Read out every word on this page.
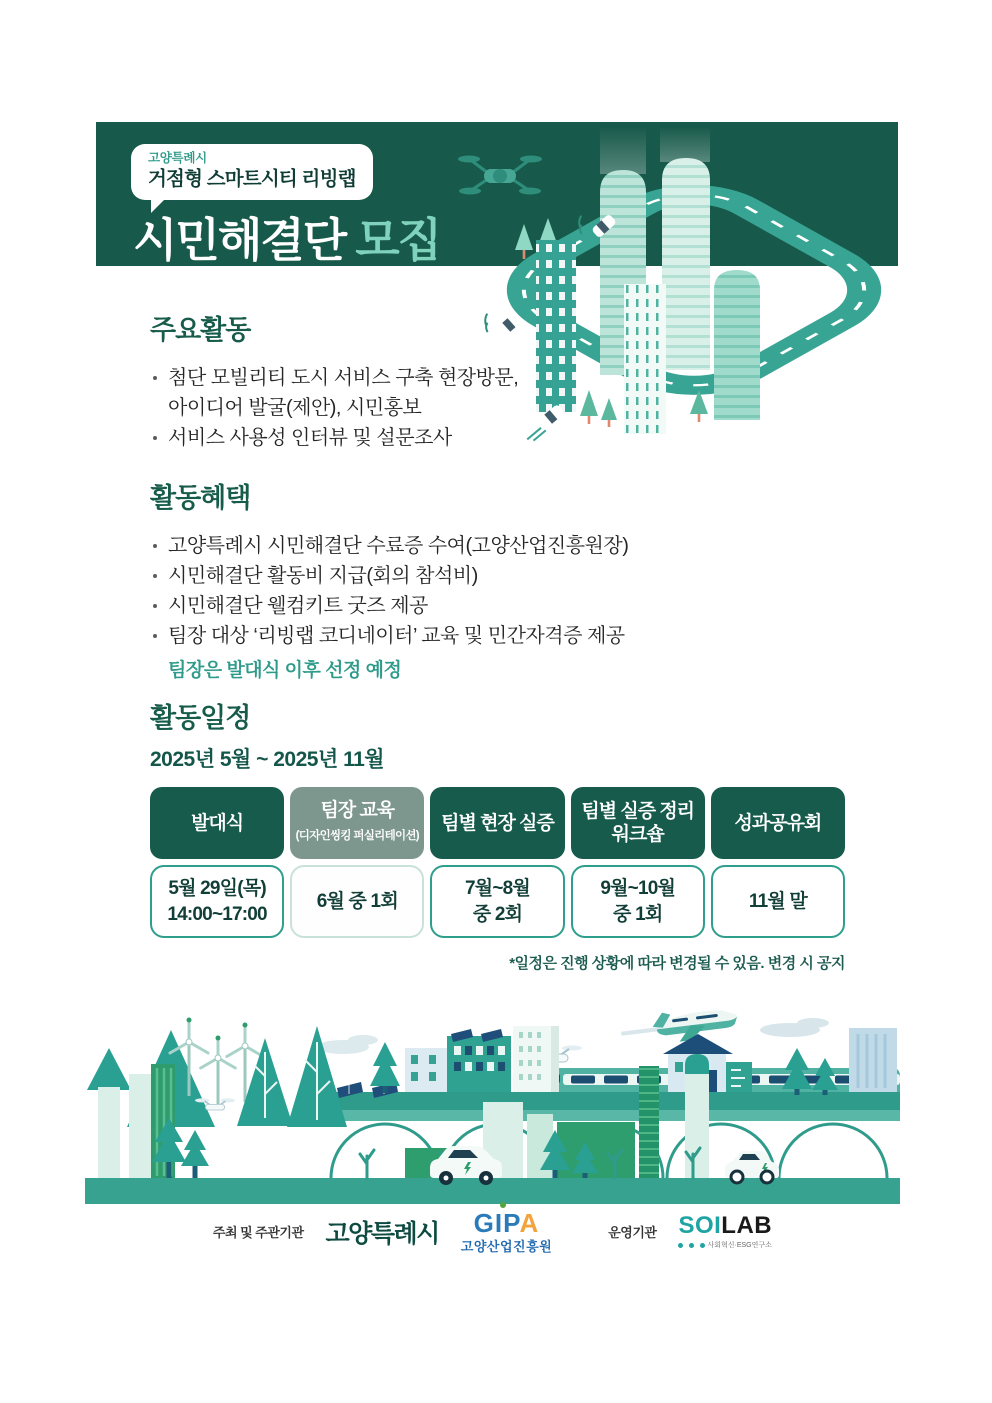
고양특례시
거점형 스마트시티 리빙랩
시민해결단 모집
주요활동
첨단 모빌리티 도시 서비스 구축 현장방문,
아이디어 발굴(제안), 시민홍보
서비스 사용성 인터뷰 및 설문조사
활동혜택
고양특례시 시민해결단 수료증 수여(고양산업진흥원장)
시민해결단 활동비 지급(회의 참석비)
시민해결단 웰컴키트 굿즈 제공
팀장 대상 ‘리빙랩 코디네이터’ 교육 및 민간자격증 제공
팀장은 발대식 이후 선정 예정
활동일정
2025년 5월 ~ 2025년 11월
발대식
5월 29일(목)
14:00~17:00
팀장 교육
(디자인씽킹 퍼실리테이션)
6월 중 1회
팀별 현장 실증
7월~8월
중 2회
팀별 실증 정리
워크숍
9월~10월
중 1회
성과공유회
11월 말
*일정은 진행 상황에 따라 변경될 수 있음. 변경 시 공지
주최 및 주관기관 고양특례시 GIPA
고양산업진흥원
운영기관 SOILAB
사회혁신·ESG연구소
